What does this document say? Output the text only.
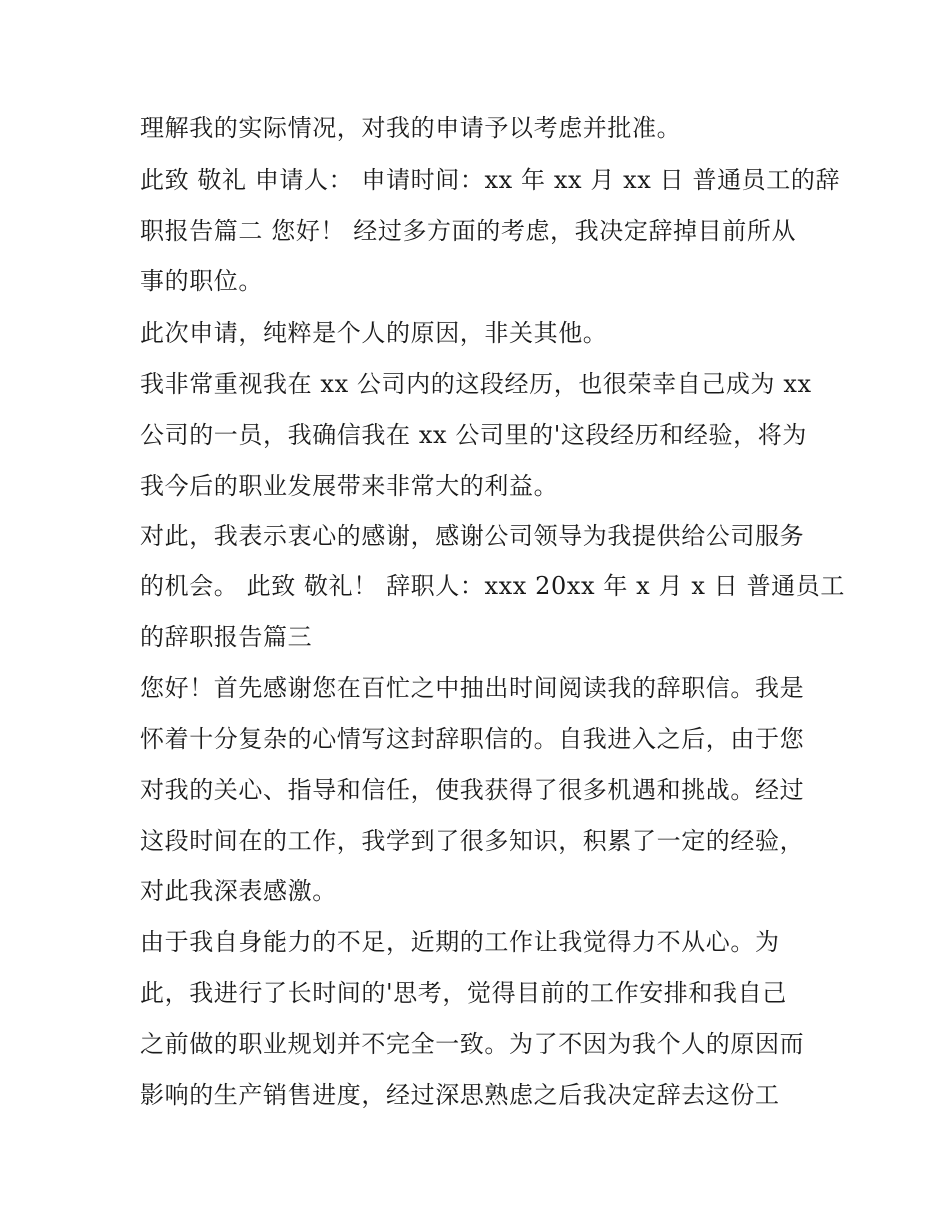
理解我的实际情况，对我的申请予以考虑并批准。
此致 敬礼 申请人： 申请时间：xx 年 xx 月 xx 日 普通员工的辞
职报告篇二 您好！ 经过多方面的考虑，我决定辞掉目前所从
事的职位。
此次申请，纯粹是个人的原因，非关其他。
我非常重视我在 xx 公司内的这段经历，也很荣幸自己成为 xx
公司的一员，我确信我在 xx 公司里的'这段经历和经验，将为
我今后的职业发展带来非常大的利益。
对此，我表示衷心的感谢，感谢公司领导为我提供给公司服务
的机会。 此致 敬礼！ 辞职人：xxx 20xx 年 x 月 x 日 普通员工
的辞职报告篇三
您好！首先感谢您在百忙之中抽出时间阅读我的辞职信。我是
怀着十分复杂的心情写这封辞职信的。自我进入之后，由于您
对我的关心、指导和信任，使我获得了很多机遇和挑战。经过
这段时间在的工作，我学到了很多知识，积累了一定的经验，
对此我深表感激。
由于我自身能力的不足，近期的工作让我觉得力不从心。为
此，我进行了长时间的'思考，觉得目前的工作安排和我自己
之前做的职业规划并不完全一致。为了不因为我个人的原因而
影响的生产销售进度，经过深思熟虑之后我决定辞去这份工
